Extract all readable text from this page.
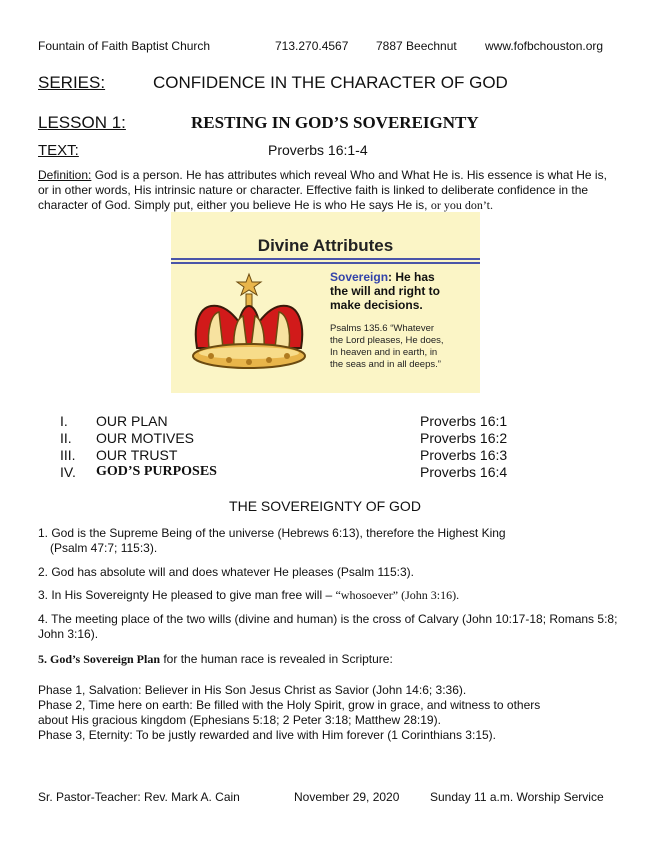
Fountain of Faith Baptist Church	713.270.4567 7887 Beechnut www.fofbchouston.org
SERIES:	CONFIDENCE IN THE CHARACTER OF GOD
LESSON 1:	RESTING IN GOD’S SOVEREIGNTY
TEXT:	Proverbs 16:1-4
Definition: God is a person. He has attributes which reveal Who and What He is. His essence is what He is, or in other words, His intrinsic nature or character. Effective faith is linked to deliberate confidence in the character of God. Simply put, either you believe He is who He says He is, or you don’t.
Divine Attributes
Sovereign: He has
the will and right to
make decisions.
Psalms 135.6 “Whatever
the Lord pleases, He does,
In heaven and in earth, in
the seas and in all deeps.”
I. OUR PLAN	Proverbs 16:1
II. OUR MOTIVES	Proverbs 16:2
III. OUR TRUST	Proverbs 16:3
IV. GOD’S PURPOSES	Proverbs 16:4
THE SOVEREIGNTY OF GOD
1. God is the Supreme Being of the universe (Hebrews 6:13), therefore the Highest King
(Psalm 47:7; 115:3).
2. God has absolute will and does whatever He pleases (Psalm 115:3).
3. In His Sovereignty He pleased to give man free will – “whosoever” (John 3:16).
4. The meeting place of the two wills (divine and human) is the cross of Calvary (John 10:17-18; Romans 5:8; John 3:16).
5. God’s Sovereign Plan for the human race is revealed in Scripture:
Phase 1, Salvation: Believer in His Son Jesus Christ as Savior (John 14:6; 3:36).
Phase 2, Time here on earth: Be filled with the Holy Spirit, grow in grace, and witness to others
about His gracious kingdom (Ephesians 5:18; 2 Peter 3:18; Matthew 28:19).
Phase 3, Eternity: To be justly rewarded and live with Him forever (1 Corinthians 3:15).
Sr. Pastor-Teacher: Rev. Mark A. Cain	November 29, 2020	Sunday 11 a.m. Worship Service
